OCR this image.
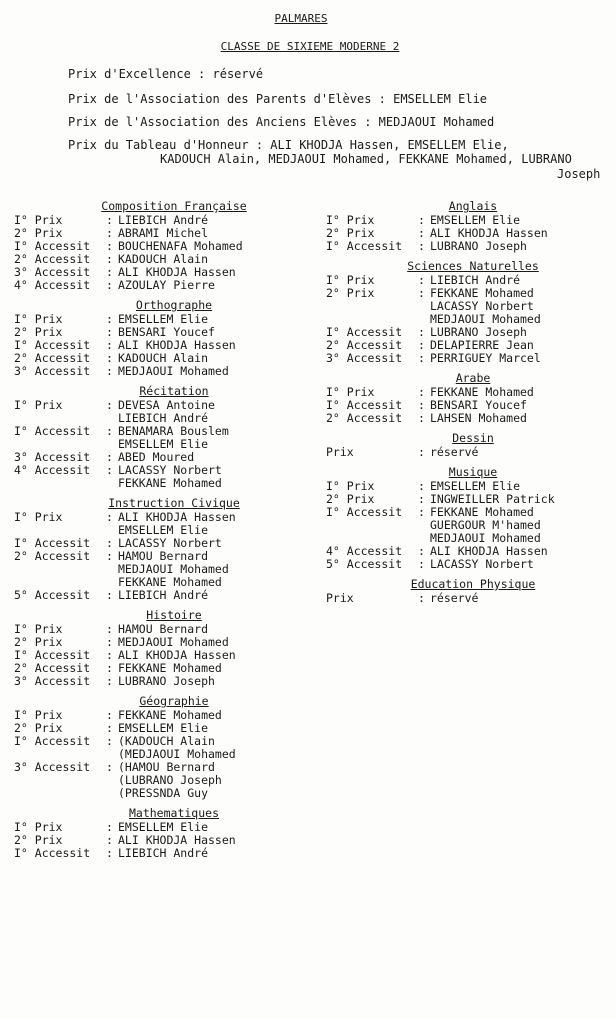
PALMARES
CLASSE DE SIXIEME MODERNE 2
Prix d'Excellence : réservé
Prix de l'Association des Parents d'Elèves : EMSELLEM Elie
Prix de l'Association des Anciens Elèves : MEDJAOUI Mohamed
Prix du Tableau d'Honneur : ALI KHODJA Hassen, EMSELLEM Elie,
KADOUCH Alain, MEDJAOUI Mohamed, FEKKANE Mohamed, LUBRANO
Joseph
Composition Française
I° Prix	: LIEBICH André
2° Prix	: ABRAMI Michel
I° Accessit	: BOUCHENAFA Mohamed
2° Accessit	: KADOUCH Alain
3° Accessit	: ALI KHODJA Hassen
4° Accessit	: AZOULAY Pierre
Orthographe
I° Prix	: EMSELLEM Elie
2° Prix	: BENSARI Youcef
I° Accessit	: ALI KHODJA Hassen
2° Accessit	: KADOUCH Alain
3° Accessit	: MEDJAOUI Mohamed
Récitation
I° Prix	: DEVESA Antoine
LIEBICH André
I° Accessit	: BENAMARA Bouslem
EMSELLEM Elie
3° Accessit	: ABED Moured
4° Accessit	: LACASSY Norbert
FEKKANE Mohamed
Instruction Civique
I° Prix	: ALI KHODJA Hassen
EMSELLEM Elie
I° Accessit	: LACASSY Norbert
2° Accessit	: HAMOU Bernard
MEDJAOUI Mohamed
FEKKANE Mohamed
5° Accessit	: LIEBICH André
Histoire
I° Prix	: HAMOU Bernard
2° Prix	: MEDJAOUI Mohamed
I° Accessit	: ALI KHODJA Hassen
2° Accessit	: FEKKANE Mohamed
3° Accessit	: LUBRANO Joseph
Géographie
I° Prix	: FEKKANE Mohamed
2° Prix	: EMSELLEM Elie
I° Accessit	: (KADOUCH Alain
(MEDJAOUI Mohamed
3° Accessit	: (HAMOU Bernard
(LUBRANO Joseph
(PRESSNDA Guy
Mathematiques
I° Prix	: EMSELLEM Elie
2° Prix	: ALI KHODJA Hassen
I° Accessit	: LIEBICH André
Anglais
I° Prix	: EMSELLEM Elie
2° Prix	: ALI KHODJA Hassen
I° Accessit	: LUBRANO Joseph
Sciences Naturelles
I° Prix	: LIEBICH André
2° Prix	: FEKKANE Mohamed
LACASSY Norbert
MEDJAOUI Mohamed
I° Accessit	: LUBRANO Joseph
2° Accessit	: DELAPIERRE Jean
3° Accessit	: PERRIGUEY Marcel
Arabe
I° Prix	: FEKKANE Mohamed
I° Accessit	: BENSARI Youcef
2° Accessit	: LAHSEN Mohamed
Dessin
Prix	: réservé
Musique
I° Prix	: EMSELLEM Elie
2° Prix	: INGWEILLER Patrick
I° Accessit	: FEKKANE Mohamed
GUERGOUR M'hamed
MEDJAOUI Mohamed
4° Accessit	: ALI KHODJA Hassen
5° Accessit	: LACASSY Norbert
Education Physique
Prix	: réservé
